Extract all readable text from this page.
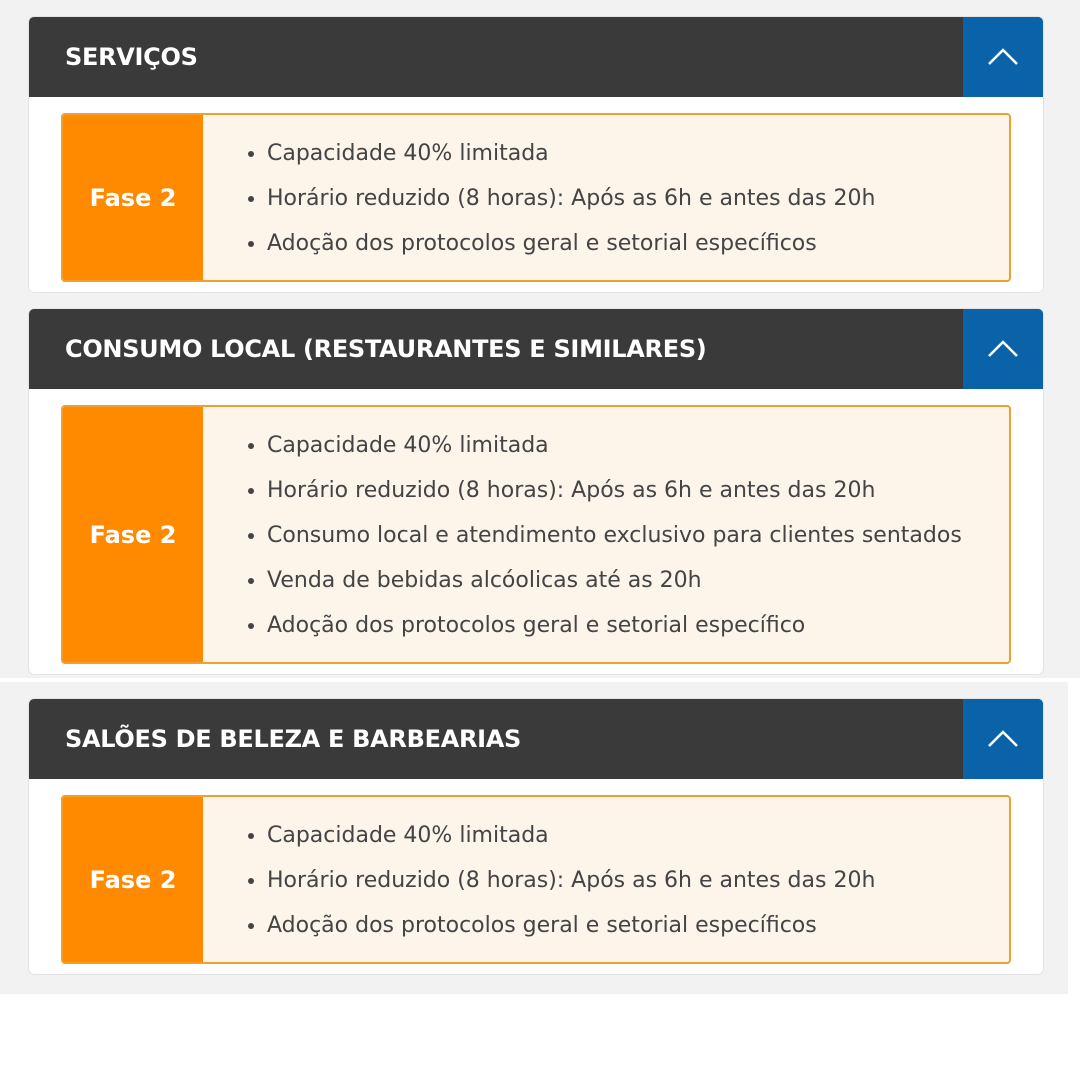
SERVIÇOS
Fase 2
• Capacidade 40% limitada
• Horário reduzido (8 horas): Após as 6h e antes das 20h
• Adoção dos protocolos geral e setorial específicos
CONSUMO LOCAL (RESTAURANTES E SIMILARES)
Fase 2
• Capacidade 40% limitada
• Horário reduzido (8 horas): Após as 6h e antes das 20h
• Consumo local e atendimento exclusivo para clientes sentados
• Venda de bebidas alcóolicas até as 20h
• Adoção dos protocolos geral e setorial específico
SALÕES DE BELEZA E BARBEARIAS
Fase 2
• Capacidade 40% limitada
• Horário reduzido (8 horas): Após as 6h e antes das 20h
• Adoção dos protocolos geral e setorial específicos
